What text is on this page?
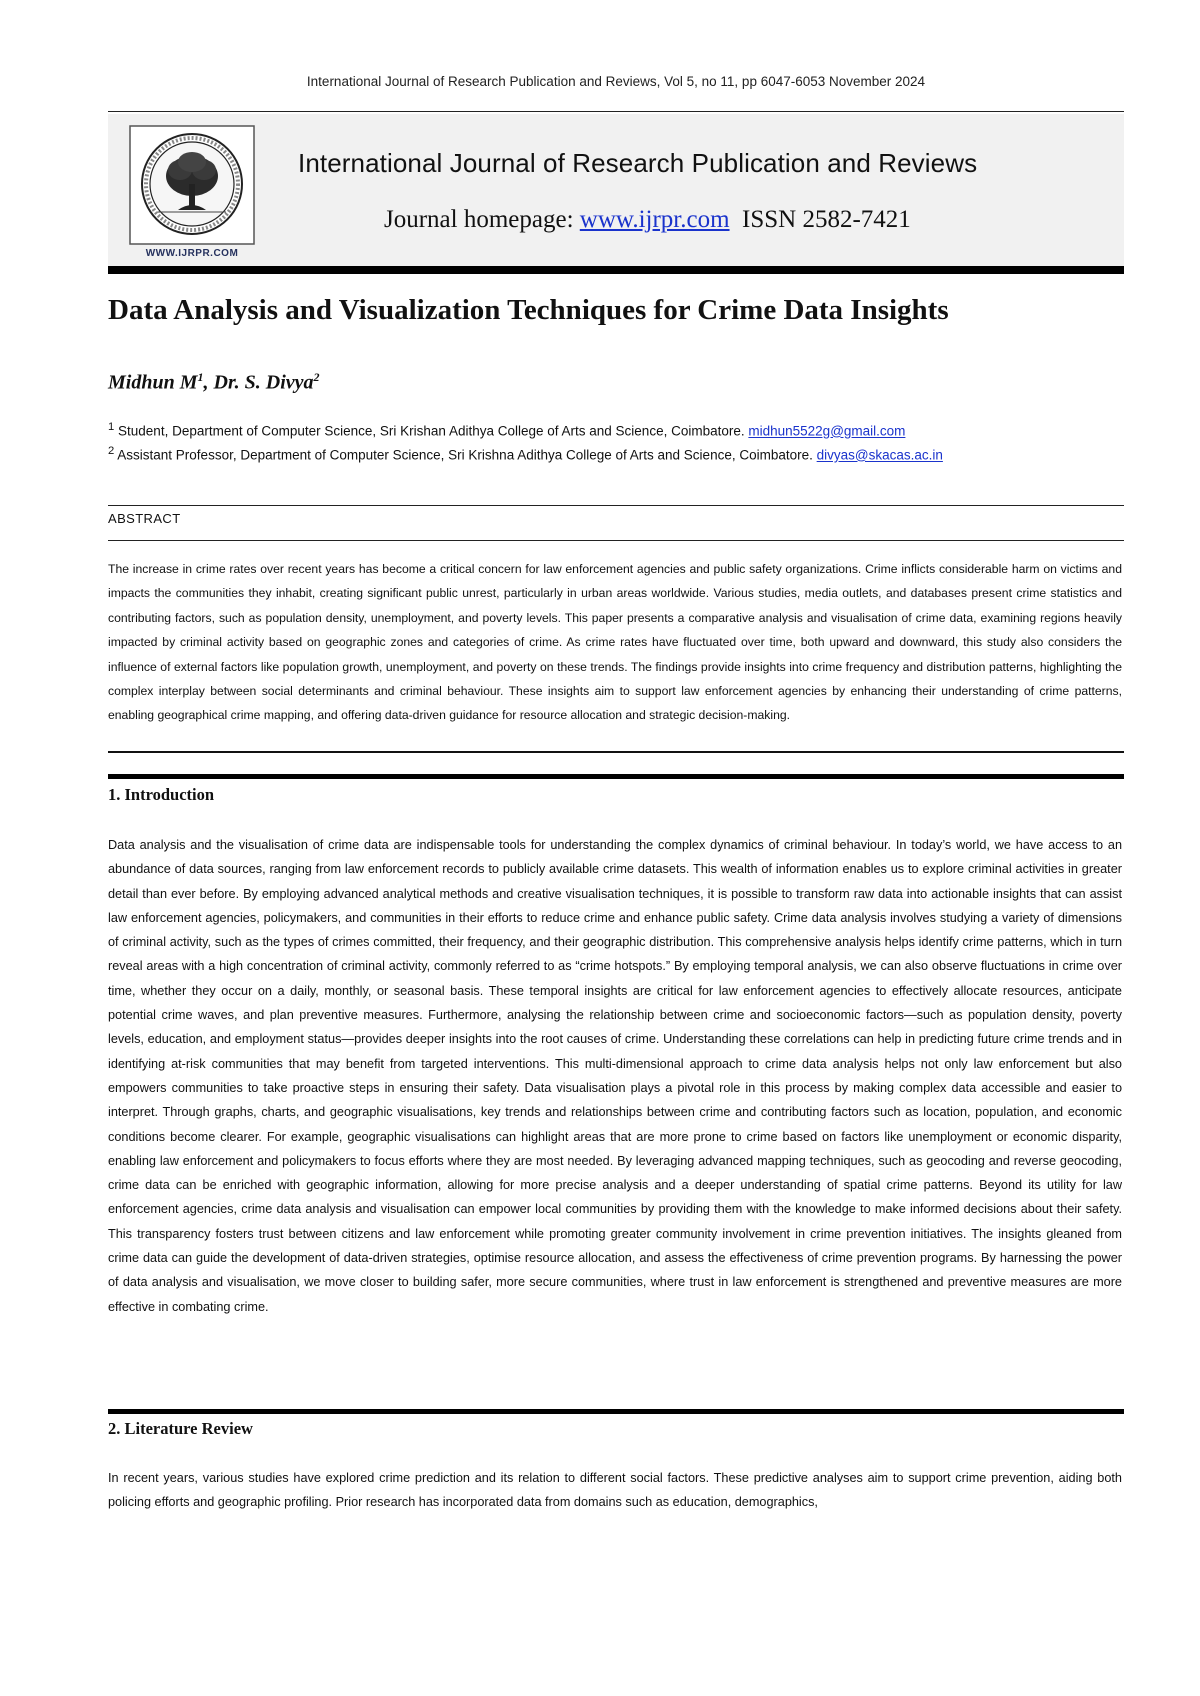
International Journal of Research Publication and Reviews, Vol 5, no 11, pp 6047-6053 November 2024
WWW.IJRPR.COM
International Journal of Research Publication and Reviews
Journal homepage: www.ijrpr.com ISSN 2582-7421
Data Analysis and Visualization Techniques for Crime Data Insights
Midhun $M^1$, Dr. S. Divya$^2$
$^1$ Student, Department of Computer Science, Sri Krishan Adithya College of Arts and Science, Coimbatore. midhun5522g@gmail.com
$^2$ Assistant Professor, Department of Computer Science, Sri Krishna Adithya College of Arts and Science, Coimbatore. divyas@skacas.ac.in
ABSTRACT
The increase in crime rates over recent years has become a critical concern for law enforcement agencies and public safety organizations. Crime inflicts considerable harm on victims and impacts the communities they inhabit, creating significant public unrest, particularly in urban areas worldwide. Various studies, media outlets, and databases present crime statistics and contributing factors, such as population density, unemployment, and poverty levels. This paper presents a comparative analysis and visualisation of crime data, examining regions heavily impacted by criminal activity based on geographic zones and categories of crime. As crime rates have fluctuated over time, both upward and downward, this study also considers the influence of external factors like population growth, unemployment, and poverty on these trends. The findings provide insights into crime frequency and distribution patterns, highlighting the complex interplay between social determinants and criminal behaviour. These insights aim to support law enforcement agencies by enhancing their understanding of crime patterns, enabling geographical crime mapping, and offering data-driven guidance for resource allocation and strategic decision-making.
1. Introduction
Data analysis and the visualisation of crime data are indispensable tools for understanding the complex dynamics of criminal behaviour. In today’s world, we have access to an abundance of data sources, ranging from law enforcement records to publicly available crime datasets. This wealth of information enables us to explore criminal activities in greater detail than ever before. By employing advanced analytical methods and creative visualisation techniques, it is possible to transform raw data into actionable insights that can assist law enforcement agencies, policymakers, and communities in their efforts to reduce crime and enhance public safety. Crime data analysis involves studying a variety of dimensions of criminal activity, such as the types of crimes committed, their frequency, and their geographic distribution. This comprehensive analysis helps identify crime patterns, which in turn reveal areas with a high concentration of criminal activity, commonly referred to as “crime hotspots.” By employing temporal analysis, we can also observe fluctuations in crime over time, whether they occur on a daily, monthly, or seasonal basis. These temporal insights are critical for law enforcement agencies to effectively allocate resources, anticipate potential crime waves, and plan preventive measures. Furthermore, analysing the relationship between crime and socioeconomic factors—such as population density, poverty levels, education, and employment status—provides deeper insights into the root causes of crime. Understanding these correlations can help in predicting future crime trends and in identifying at-risk communities that may benefit from targeted interventions. This multi-dimensional approach to crime data analysis helps not only law enforcement but also empowers communities to take proactive steps in ensuring their safety. Data visualisation plays a pivotal role in this process by making complex data accessible and easier to interpret. Through graphs, charts, and geographic visualisations, key trends and relationships between crime and contributing factors such as location, population, and economic conditions become clearer. For example, geographic visualisations can highlight areas that are more prone to crime based on factors like unemployment or economic disparity, enabling law enforcement and policymakers to focus efforts where they are most needed. By leveraging advanced mapping techniques, such as geocoding and reverse geocoding, crime data can be enriched with geographic information, allowing for more precise analysis and a deeper understanding of spatial crime patterns. Beyond its utility for law enforcement agencies, crime data analysis and visualisation can empower local communities by providing them with the knowledge to make informed decisions about their safety. This transparency fosters trust between citizens and law enforcement while promoting greater community involvement in crime prevention initiatives. The insights gleaned from crime data can guide the development of data-driven strategies, optimise resource allocation, and assess the effectiveness of crime prevention programs. By harnessing the power of data analysis and visualisation, we move closer to building safer, more secure communities, where trust in law enforcement is strengthened and preventive measures are more effective in combating crime.
2. Literature Review
In recent years, various studies have explored crime prediction and its relation to different social factors. These predictive analyses aim to support crime prevention, aiding both policing efforts and geographic profiling. Prior research has incorporated data from domains such as education, demographics,
